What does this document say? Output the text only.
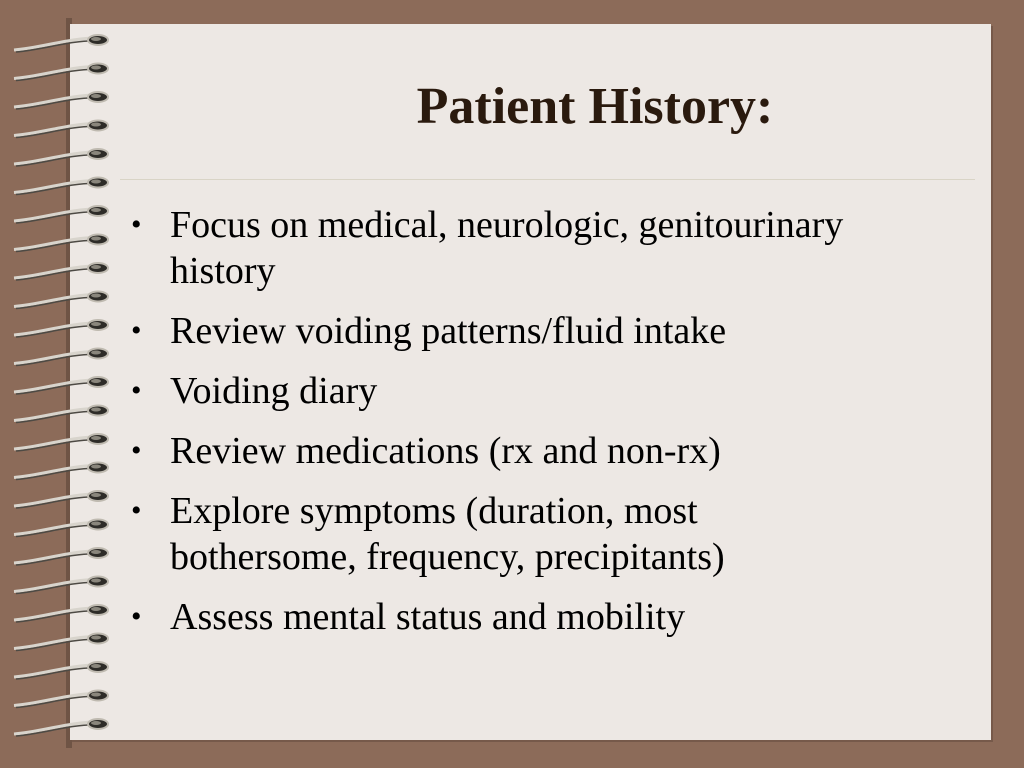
Patient History:
• Focus on medical, neurologic, genitourinary history
• Review voiding patterns/fluid intake
• Voiding diary
• Review medications (rx and non-rx)
• Explore symptoms (duration, most bothersome, frequency, precipitants)
• Assess mental status and mobility
